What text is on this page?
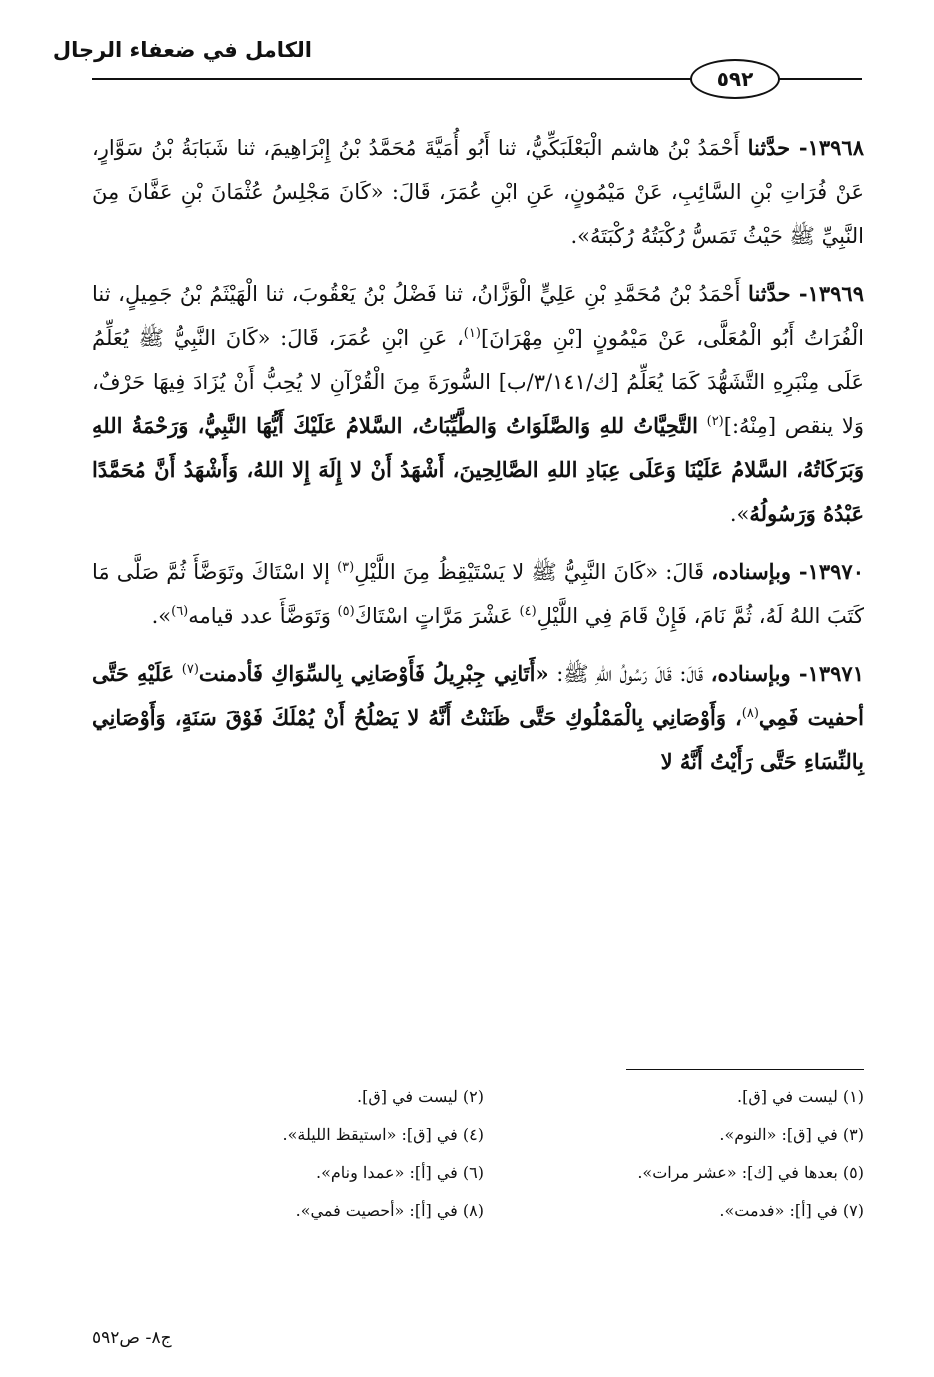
الكامل في ضعفاء الرجال
٥٩٢

١٣٩٦٨- حدَّثنا أَحْمَدُ بْنُ هاشم الْبَعْلَبَكِّيُّ، ثنا أَبُو أُمَيَّةَ مُحَمَّدُ بْنُ إِبْرَاهِيمَ، ثنا شَبَابَةُ بْنُ سَوَّارٍ، عَنْ فُرَاتِ بْنِ السَّائِبِ، عَنْ مَيْمُونٍ، عَنِ ابْنِ عُمَرَ، قَالَ: «كَانَ مَجْلِسُ عُثْمَانَ بْنِ عَفَّانَ مِنَ النَّبِيِّ ﷺ حَيْثُ تَمَسُّ رُكْبَتُهُ رُكْبَتَهُ».

١٣٩٦٩- حدَّثنا أَحْمَدُ بْنُ مُحَمَّدِ بْنِ عَلِيٍّ الْوَزَّانُ، ثنا فَضْلُ بْنُ يَعْقُوبَ، ثنا الْهَيْثَمُ بْنُ جَمِيلٍ، ثنا الْفُرَاتُ أَبُو الْمُعَلَّى، عَنْ مَيْمُونٍ [بْنِ مِهْرَانَ]$^{(١)}$، عَنِ ابْنِ عُمَرَ، قَالَ: «كَانَ النَّبِيُّ ﷺ يُعَلِّمُ عَلَى مِنْبَرِهِ التَّشَهُّدَ كَمَا يُعَلِّمُ [ك/٣/١٤١/ب] السُّورَةَ مِنَ الْقُرْآنِ لا يُحِبُّ أَنْ يُزَادَ فِيهَا حَرْفٌ، وَلا ينقص [مِنْهُ:]$^{(٢)}$ التَّحِيَّاتُ للهِ وَالصَّلَوَاتُ وَالطَّيِّبَاتُ، السَّلامُ عَلَيْكَ أَيُّهَا النَّبِيُّ، وَرَحْمَةُ اللهِ وَبَرَكَاتُهُ، السَّلامُ عَلَيْنَا وَعَلَى عِبَادِ اللهِ الصَّالِحِينَ، أَشْهَدُ أَنْ لا إِلَهَ إِلا اللهُ، وَأَشْهَدُ أَنَّ مُحَمَّدًا عَبْدُهُ وَرَسُولُهُ».

١٣٩٧٠- وبإسناده، قَالَ: «كَانَ النَّبِيُّ ﷺ لا يَسْتَيْقِظُ مِنَ اللَّيْلِ$^{(٣)}$ إلا اسْتَاكَ وتَوَضَّأَ ثُمَّ صَلَّى مَا كَتَبَ اللهُ لَهُ، ثُمَّ نَامَ، فَإِنْ قَامَ فِي اللَّيْلِ$^{(٤)}$ عَشْرَ مَرَّاتٍ اسْتَاكَ$^{(٥)}$ وَتَوَضَّأَ عدد قيامه$^{(٦)}$».

١٣٩٧١- وبإسناده، قَالَ: قَالَ رَسُولُ اللهِ ﷺ: «أَتَانِي جِبْرِيلُ فَأَوْصَانِي بِالسِّوَاكِ فَأدمنت$^{(٧)}$ عَلَيْهِ حَتَّى أحفيت فَمِي$^{(٨)}$، وَأَوْصَانِي بِالْمَمْلُوكِ حَتَّى ظَنَنْتُ أَنَّهُ لا يَصْلُحُ أَنْ يُمْلَكَ فَوْقَ سَنَةٍ، وَأَوْصَانِي بِالنِّسَاءِ حَتَّى رَأَيْتُ أَنَّهُ لا

(١) ليست في [ق].
(٢) ليست في [ق].
(٣) في [ق]: «النوم».
(٤) في [ق]: «استيقظ الليلة».
(٥) بعدها في [ك]: «عشر مرات».
(٦) في [أ]: «عمدا ونام».
(٧) في [أ]: «فدمت».
(٨) في [أ]: «أحصيت فمي».
ج٨- ص٥٩٢
